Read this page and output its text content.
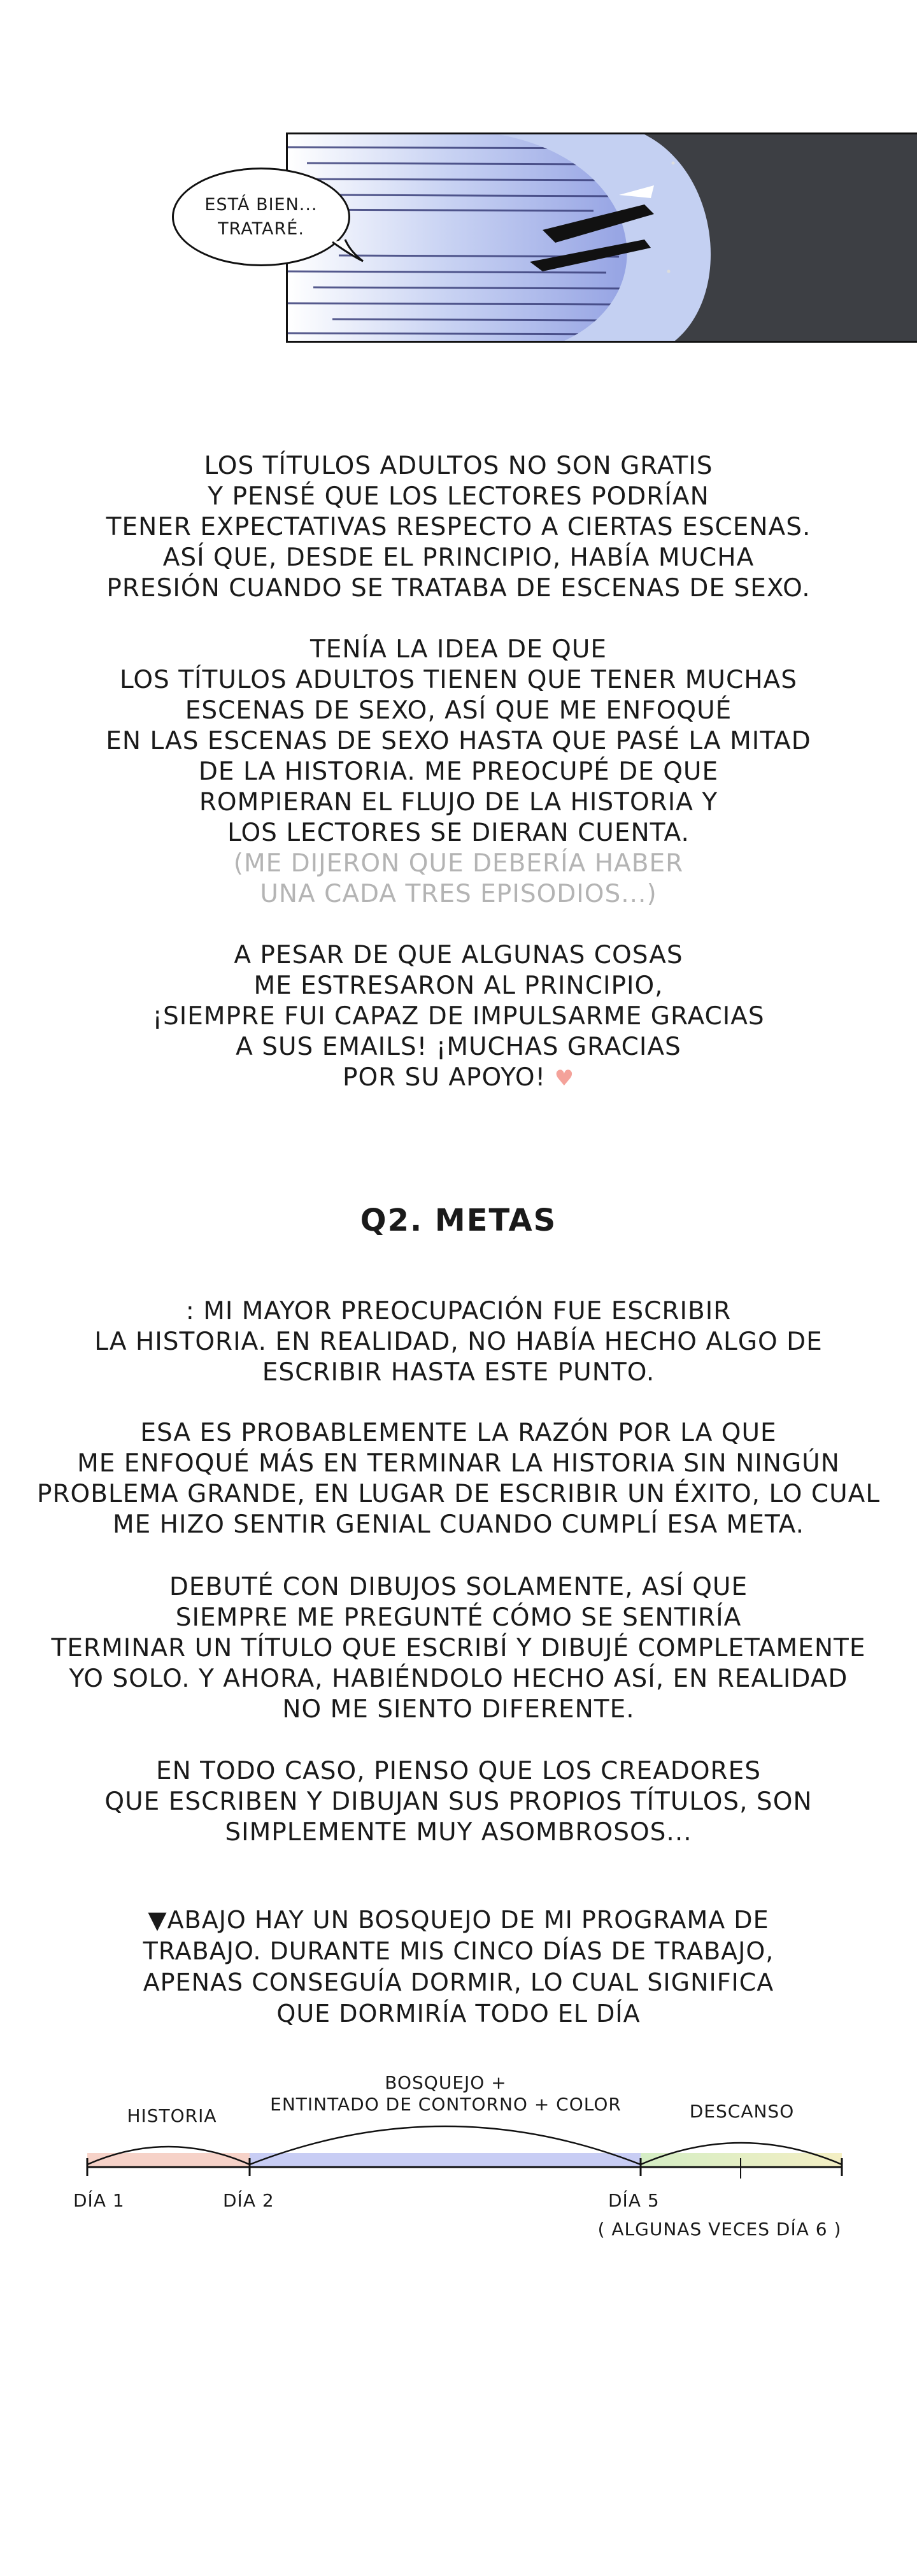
ESTÁ BIEN...
TRATARÉ.

LOS TÍTULOS ADULTOS NO SON GRATIS

Y PENSÉ QUE LOS LECTORES PODRÍAN

TENER EXPECTATIVAS RESPECTO A CIERTAS ESCENAS.

ASÍ QUE, DESDE EL PRINCIPIO, HABÍA MUCHA

PRESIÓN CUANDO SE TRATABA DE ESCENAS DE SEXO.

TENÍA LA IDEA DE QUE

LOS TÍTULOS ADULTOS TIENEN QUE TENER MUCHAS

ESCENAS DE SEXO, ASÍ QUE ME ENFOQUÉ

EN LAS ESCENAS DE SEXO HASTA QUE PASÉ LA MITAD

DE LA HISTORIA. ME PREOCUPÉ DE QUE

ROMPIERAN EL FLUJO DE LA HISTORIA Y

LOS LECTORES SE DIERAN CUENTA.

(ME DIJERON QUE DEBERÍA HABER

UNA CADA TRES EPISODIOS...)

A PESAR DE QUE ALGUNAS COSAS

ME ESTRESARON AL PRINCIPIO,

¡SIEMPRE FUI CAPAZ DE IMPULSARME GRACIAS

A SUS EMAILS! ¡MUCHAS GRACIAS

POR SU APOYO! ♥

Q2. METAS

: MI MAYOR PREOCUPACIÓN FUE ESCRIBIR

LA HISTORIA. EN REALIDAD, NO HABÍA HECHO ALGO DE

ESCRIBIR HASTA ESTE PUNTO.

ESA ES PROBABLEMENTE LA RAZÓN POR LA QUE

ME ENFOQUÉ MÁS EN TERMINAR LA HISTORIA SIN NINGÚN

PROBLEMA GRANDE, EN LUGAR DE ESCRIBIR UN ÉXITO, LO CUAL

ME HIZO SENTIR GENIAL CUANDO CUMPLÍ ESA META.

DEBUTÉ CON DIBUJOS SOLAMENTE, ASÍ QUE

SIEMPRE ME PREGUNTÉ CÓMO SE SENTIRÍA

TERMINAR UN TÍTULO QUE ESCRIBÍ Y DIBUJÉ COMPLETAMENTE

YO SOLO. Y AHORA, HABIÉNDOLO HECHO ASÍ, EN REALIDAD

NO ME SIENTO DIFERENTE.

EN TODO CASO, PIENSO QUE LOS CREADORES

QUE ESCRIBEN Y DIBUJAN SUS PROPIOS TÍTULOS, SON

SIMPLEMENTE MUY ASOMBROSOS...

▼ABAJO HAY UN BOSQUEJO DE MI PROGRAMA DE

TRABAJO. DURANTE MIS CINCO DÍAS DE TRABAJO,

APENAS CONSEGUÍA DORMIR, LO CUAL SIGNIFICA

QUE DORMIRÍA TODO EL DÍA

HISTORIA
BOSQUEJO +
ENTINTADO DE CONTORNO + COLOR	DESCANSO
DÍA 1	DÍA 2	DÍA 5
( ALGUNAS VECES DÍA 6 )
